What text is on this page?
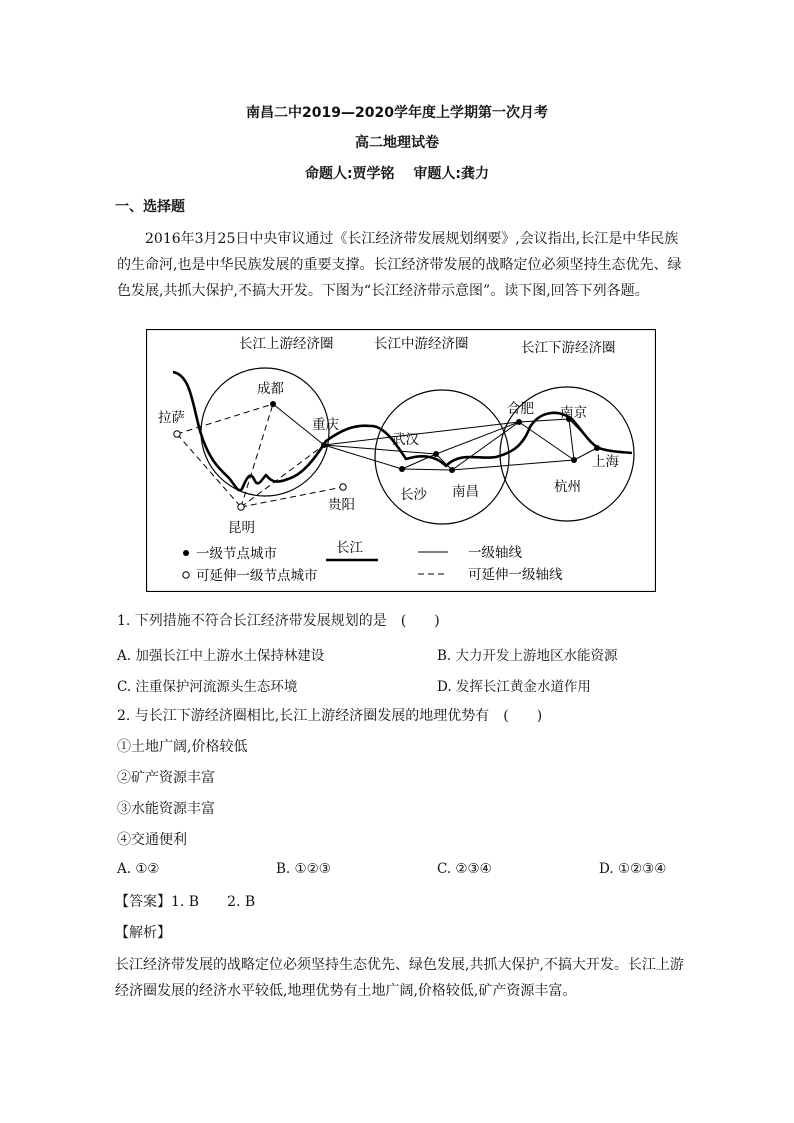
南昌二中2019—2020学年度上学期第一次月考
高二地理试卷
命题人:贾学铭　 审题人:龚力
一、选择题
2016年3月25日中央审议通过《长江经济带发展规划纲要》,会议指出,长江是中华民族的生命河,也是中华民族发展的重要支撑。长江经济带发展的战略定位必须坚持生态优先、绿色发展,共抓大保护,不搞大开发。下图为“长江经济带示意图”。读下图,回答下列各题。
长江上游经济圈	长江中游经济圈	长江下游经济圈
成都
重庆
武汉
长沙 南昌
合肥 南京
上海
杭州
拉萨
昆明
贵阳
一级节点城市
可延伸一级节点城市
长江	一级轴线
可延伸一级轴线
1. 下列措施不符合长江经济带发展规划的是　(　　)
A. 加强长江中上游水土保持林建设	B. 大力开发上游地区水能资源
C. 注重保护河流源头生态环境	D. 发挥长江黄金水道作用
2. 与长江下游经济圈相比,长江上游经济圈发展的地理优势有　(　　)
①土地广阔,价格较低
②矿产资源丰富
③水能资源丰富
④交通便利
A. ①②	B. ①②③	C. ②③④	D. ①②③④
【答案】1. B　　2. B
【解析】
长江经济带发展的战略定位必须坚持生态优先、绿色发展,共抓大保护,不搞大开发。长江上游经济圈发展的经济水平较低,地理优势有土地广阔,价格较低,矿产资源丰富。
